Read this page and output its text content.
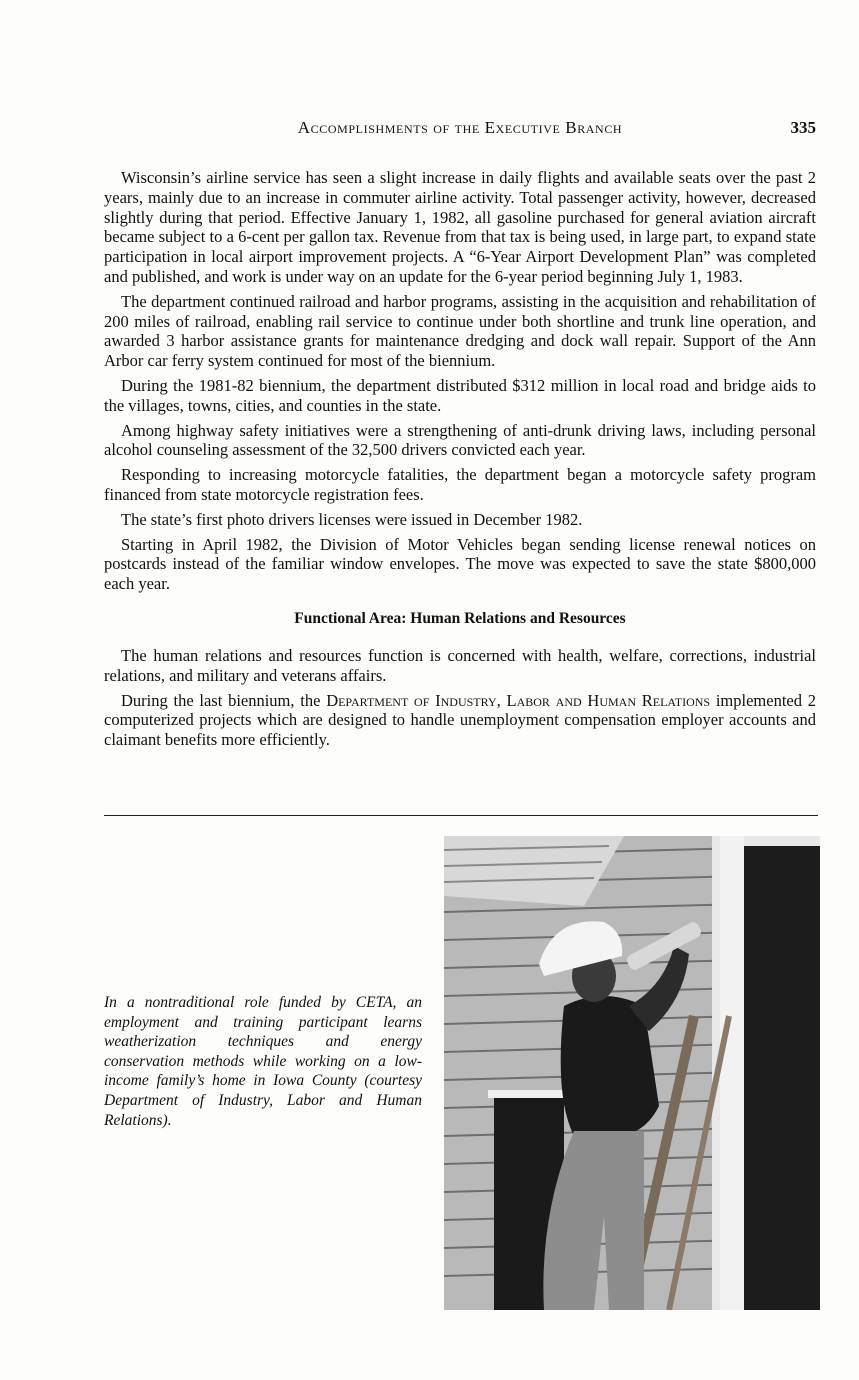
Accomplishments of the Executive Branch	335

Wisconsin’s airline service has seen a slight increase in daily flights and available seats over the past 2 years, mainly due to an increase in commuter airline activity. Total passenger activity, however, decreased slightly during that period. Effective January 1, 1982, all gasoline purchased for general aviation aircraft became subject to a 6-cent per gallon tax. Revenue from that tax is being used, in large part, to expand state participation in local airport improvement projects. A “6-Year Airport Development Plan” was completed and published, and work is under way on an update for the 6-year period beginning July 1, 1983.

The department continued railroad and harbor programs, assisting in the acquisition and rehabilitation of 200 miles of railroad, enabling rail service to continue under both shortline and trunk line operation, and awarded 3 harbor assistance grants for maintenance dredging and dock wall repair. Support of the Ann Arbor car ferry system continued for most of the biennium.

During the 1981-82 biennium, the department distributed $312 million in local road and bridge aids to the villages, towns, cities, and counties in the state.

Among highway safety initiatives were a strengthening of anti-drunk driving laws, including personal alcohol counseling assessment of the 32,500 drivers convicted each year.

Responding to increasing motorcycle fatalities, the department began a motorcycle safety program financed from state motorcycle registration fees.

The state’s first photo drivers licenses were issued in December 1982.

Starting in April 1982, the Division of Motor Vehicles began sending license renewal notices on postcards instead of the familiar window envelopes. The move was expected to save the state $800,000 each year.

Functional Area: Human Relations and Resources

The human relations and resources function is concerned with health, welfare, corrections, industrial relations, and military and veterans affairs.

During the last biennium, the Department of Industry, Labor and Human Relations implemented 2 computerized projects which are designed to handle unemployment compensation employer accounts and claimant benefits more efficiently.

In a nontraditional role funded by CETA, an employment and training participant learns weatherization techniques and energy conservation methods while working on a low-income family’s home in Iowa County (courtesy Department of Industry, Labor and Human Relations).
